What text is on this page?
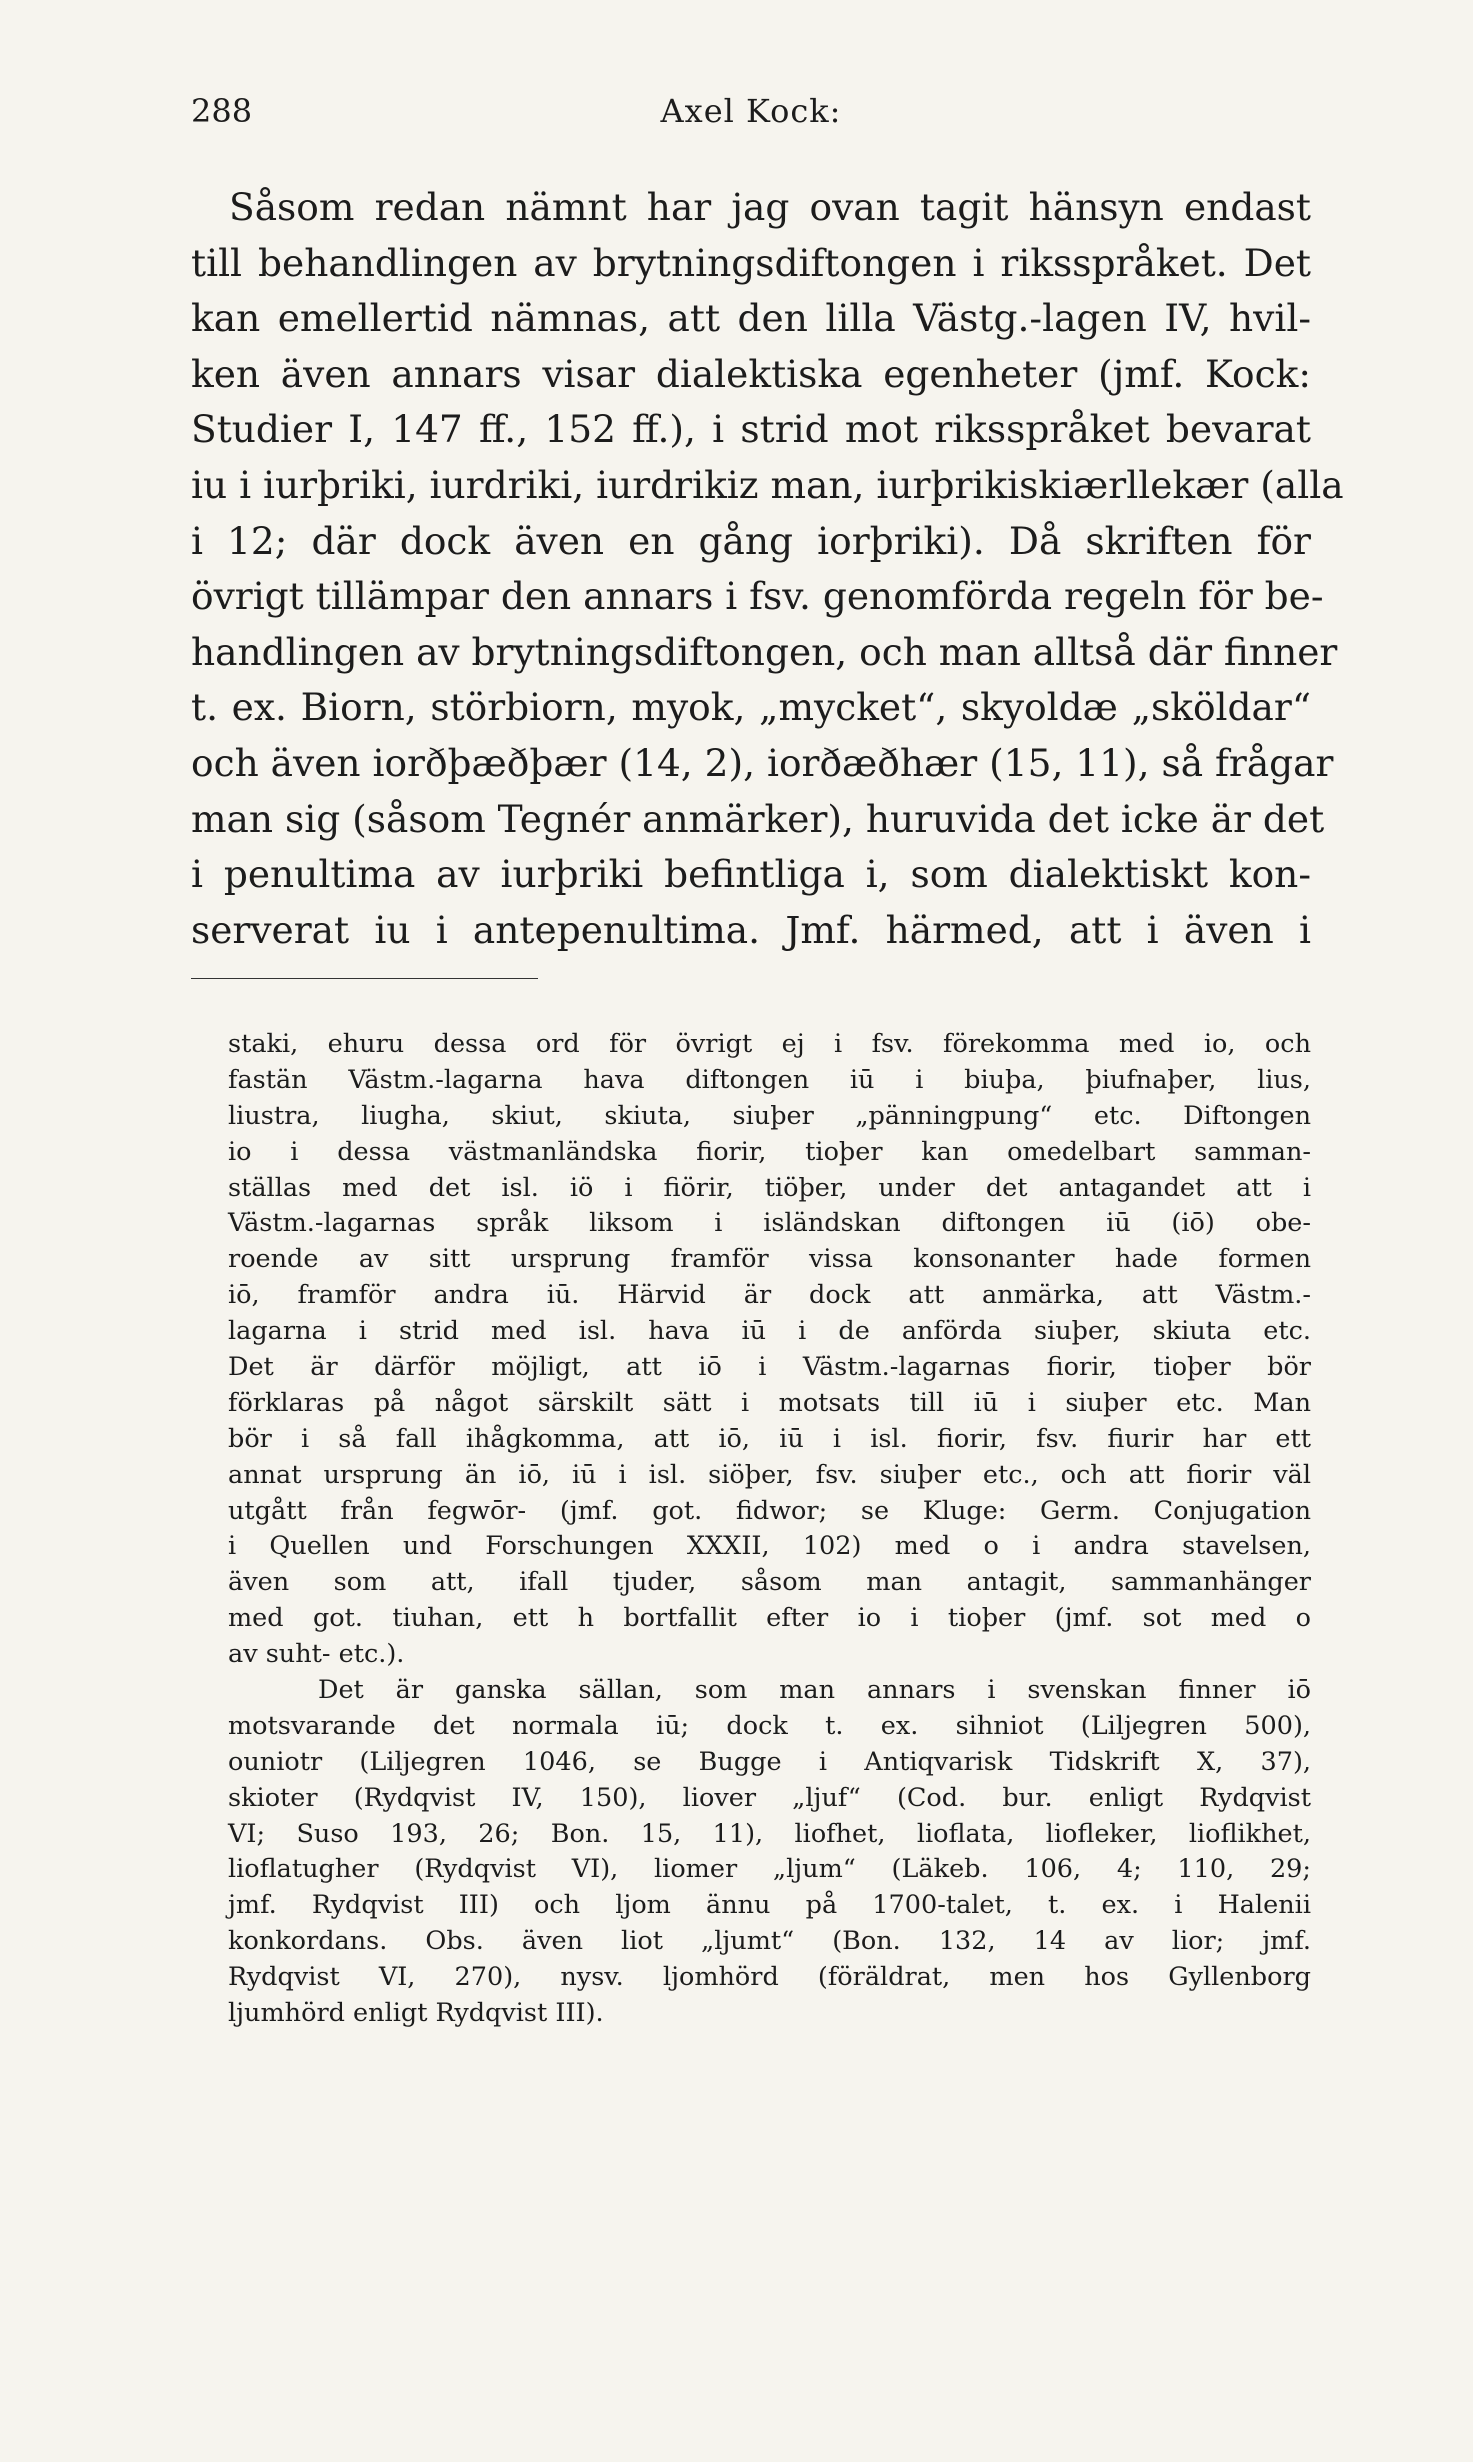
288	Axel Kock:
Såsom redan nämnt har jag ovan tagit hänsyn endast
till behandlingen av brytningsdiftongen i riksspråket. Det
kan emellertid nämnas, att den lilla Västg.-lagen IV, hvil-
ken även annars visar dialektiska egenheter (jmf. Kock:
Studier I, 147 ff., 152 ff.), i strid mot riksspråket bevarat
iu i iurþriki, iurdriki, iurdrikiz man, iurþrikiskiærllekær (alla
i 12; där dock även en gång iorþriki). Då skriften för
övrigt tillämpar den annars i fsv. genomförda regeln för be-
handlingen av brytningsdiftongen, och man alltså där finner
t. ex. Biorn, störbiorn, myok, „mycket“, skyoldæ „sköldar“
och även iorðþæðþær (14, 2), iorðæðhær (15, 11), så frågar
man sig (såsom Tegnér anmärker), huruvida det icke är det
i penultima av iurþriki befintliga i, som dialektiskt kon-
serverat iu i antepenultima. Jmf. härmed, att i även i
staki, ehuru dessa ord för övrigt ej i fsv. förekomma med io, och
fastän Västm.-lagarna hava diftongen iū i biuþa, þiufnaþer, lius,
liustra, liugha, skiut, skiuta, siuþer „pänningpung“ etc. Diftongen
io i dessa västmanländska fiorir, tioþer kan omedelbart samman-
ställas med det isl. iö i fiörir, tiöþer, under det antagandet att i
Västm.-lagarnas språk liksom i isländskan diftongen iū (iō) obe-
roende av sitt ursprung framför vissa konsonanter hade formen
iō, framför andra iū. Härvid är dock att anmärka, att Västm.-
lagarna i strid med isl. hava iū i de anförda siuþer, skiuta etc.
Det är därför möjligt, att iō i Västm.-lagarnas fiorir, tioþer bör
förklaras på något särskilt sätt i motsats till iū i siuþer etc. Man
bör i så fall ihågkomma, att iō, iū i isl. fiorir, fsv. fiurir har ett
annat ursprung än iō, iū i isl. siöþer, fsv. siuþer etc., och att fiorir väl
utgått från fegwōr- (jmf. got. fidwor; se Kluge: Germ. Conjugation
i Quellen und Forschungen XXXII, 102) med o i andra stavelsen,
även som att, ifall tjuder, såsom man antagit, sammanhänger
med got. tiuhan, ett h bortfallit efter io i tioþer (jmf. sot med o
av suht- etc.).
Det är ganska sällan, som man annars i svenskan finner iō
motsvarande det normala iū; dock t. ex. sihniot (Liljegren 500),
ouniotr (Liljegren 1046, se Bugge i Antiqvarisk Tidskrift X, 37),
skioter (Rydqvist IV, 150), liover „ljuf“ (Cod. bur. enligt Rydqvist
VI; Suso 193, 26; Bon. 15, 11), liofhet, lioflata, liofleker, lioflikhet,
lioflatugher (Rydqvist VI), liomer „ljum“ (Läkeb. 106, 4; 110, 29;
jmf. Rydqvist III) och ljom ännu på 1700-talet, t. ex. i Halenii
konkordans. Obs. även liot „ljumt“ (Bon. 132, 14 av lior; jmf.
Rydqvist VI, 270), nysv. ljomhörd (föräldrat, men hos Gyllenborg
ljumhörd enligt Rydqvist III).
